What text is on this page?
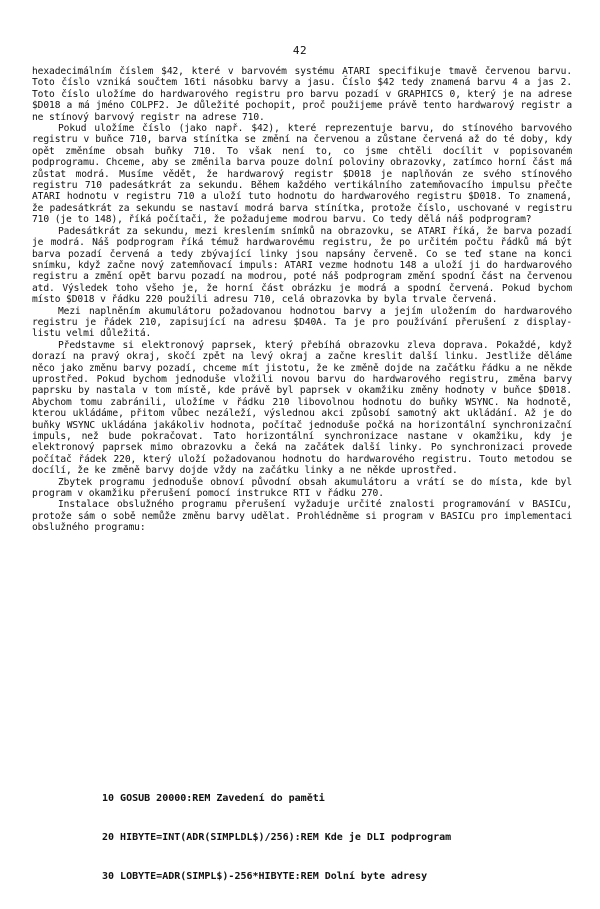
42

hexadecimálním číslem $42, které v barvovém systému ATARI specifikuje tmavě červenou barvu. Toto číslo vzniká součtem 16ti násobku barvy a jasu. Číslo $42 tedy znamená barvu 4 a jas 2. Toto číslo uložíme do hardwarového registru pro barvu pozadí v GRAPHICS 0, který je na adrese $D018 a má jméno COLPF2. Je důležité pochopit, proč použijeme právě tento hardwarový registr a ne stínový barvový registr na adrese 710.

Pokud uložíme číslo (jako např. $42), které reprezentuje barvu, do stínového barvového registru v buňce 710, barva stínítka se změní na červenou a zůstane červená až do té doby, kdy opět změníme obsah buňky 710. To však není to, co jsme chtěli docílit v popisovaném podprogramu. Chceme, aby se změnila barva pouze dolní poloviny obrazovky, zatímco horní část má zůstat modrá. Musíme vědět, že hardwarový registr $D018 je naplňován ze svého stínového registru 710 padesátkrát za sekundu. Během každého vertikálního zatemňovacího impulsu přečte ATARI hodnotu v registru 710 a uloží tuto hodnotu do hardwarového registru $D018. To znamená, že padesátkrát za sekundu se nastaví modrá barva stínítka, protože číslo, uschované v registru 710 (je to 148), říká počítači, že požadujeme modrou barvu. Co tedy dělá náš podprogram?

Padesátkrát za sekundu, mezi kreslením snímků na obrazovku, se ATARI říká, že barva pozadí je modrá. Náš podprogram říká témuž hardwarovému registru, že po určitém počtu řádků má být barva pozadí červená a tedy zbývající linky jsou napsány červeně. Co se teď stane na konci snímku, když začne nový zatemňovací impuls: ATARI vezme hodnotu 148 a uloží ji do hardwarového registru a změní opět barvu pozadí na modrou, poté náš podprogram změní spodní část na červenou atd. Výsledek toho všeho je, že horní část obrázku je modrá a spodní červená. Pokud bychom místo $D018 v řádku 220 použili adresu 710, celá obrazovka by byla trvale červená.

Mezi naplněním akumulátoru požadovanou hodnotou barvy a jejím uložením do hardwarového registru je řádek 210, zapisující na adresu $D40A. Ta je pro používání přerušení z display-listu velmi důležitá.

Představme si elektronový paprsek, který přebíhá obrazovku zleva doprava. Pokaždé, když dorazí na pravý okraj, skočí zpět na levý okraj a začne kreslit další linku. Jestliže děláme něco jako změnu barvy pozadí, chceme mít jistotu, že ke změně dojde na začátku řádku a ne někde uprostřed. Pokud bychom jednoduše vložili novou barvu do hardwarového registru, změna barvy paprsku by nastala v tom místě, kde právě byl paprsek v okamžiku změny hodnoty v buňce $D018. Abychom tomu zabránili, uložíme v řádku 210 libovolnou hodnotu do buňky WSYNC. Na hodnotě, kterou ukládáme, přitom vůbec nezáleží, výslednou akci způsobí samotný akt ukládání. Až je do buňky WSYNC ukládána jakákoliv hodnota, počítač jednoduše počká na horizontální synchronizační impuls, než bude pokračovat. Tato horizontální synchronizace nastane v okamžiku, kdy je elektronový paprsek mimo obrazovku a čeká na začátek další linky. Po synchronizaci provede počítač řádek 220, který uloží požadovanou hodnotu do hardwarového registru. Touto metodou se docílí, že ke změně barvy dojde vždy na začátku linky a ne někde uprostřed.

Zbytek programu jednoduše obnoví původní obsah akumulátoru a vrátí se do místa, kde byl program v okamžiku přerušení pomocí instrukce RTI v řádku 270.

Instalace obslužného programu přerušení vyžaduje určité znalosti programování v BASICu, protože sám o sobě nemůže změnu barvy udělat. Prohlédněme si program v BASICu pro implementaci obslužného programu:

10 GOSUB 20000:REM Zavedení do paměti

20 HIBYTE=INT(ADR(SIMPLDL$)/256):REM Kde je DLI podprogram

30 LOBYTE=ADR(SIMPL$)-256*HIBYTE:REM Dolní byte adresy
